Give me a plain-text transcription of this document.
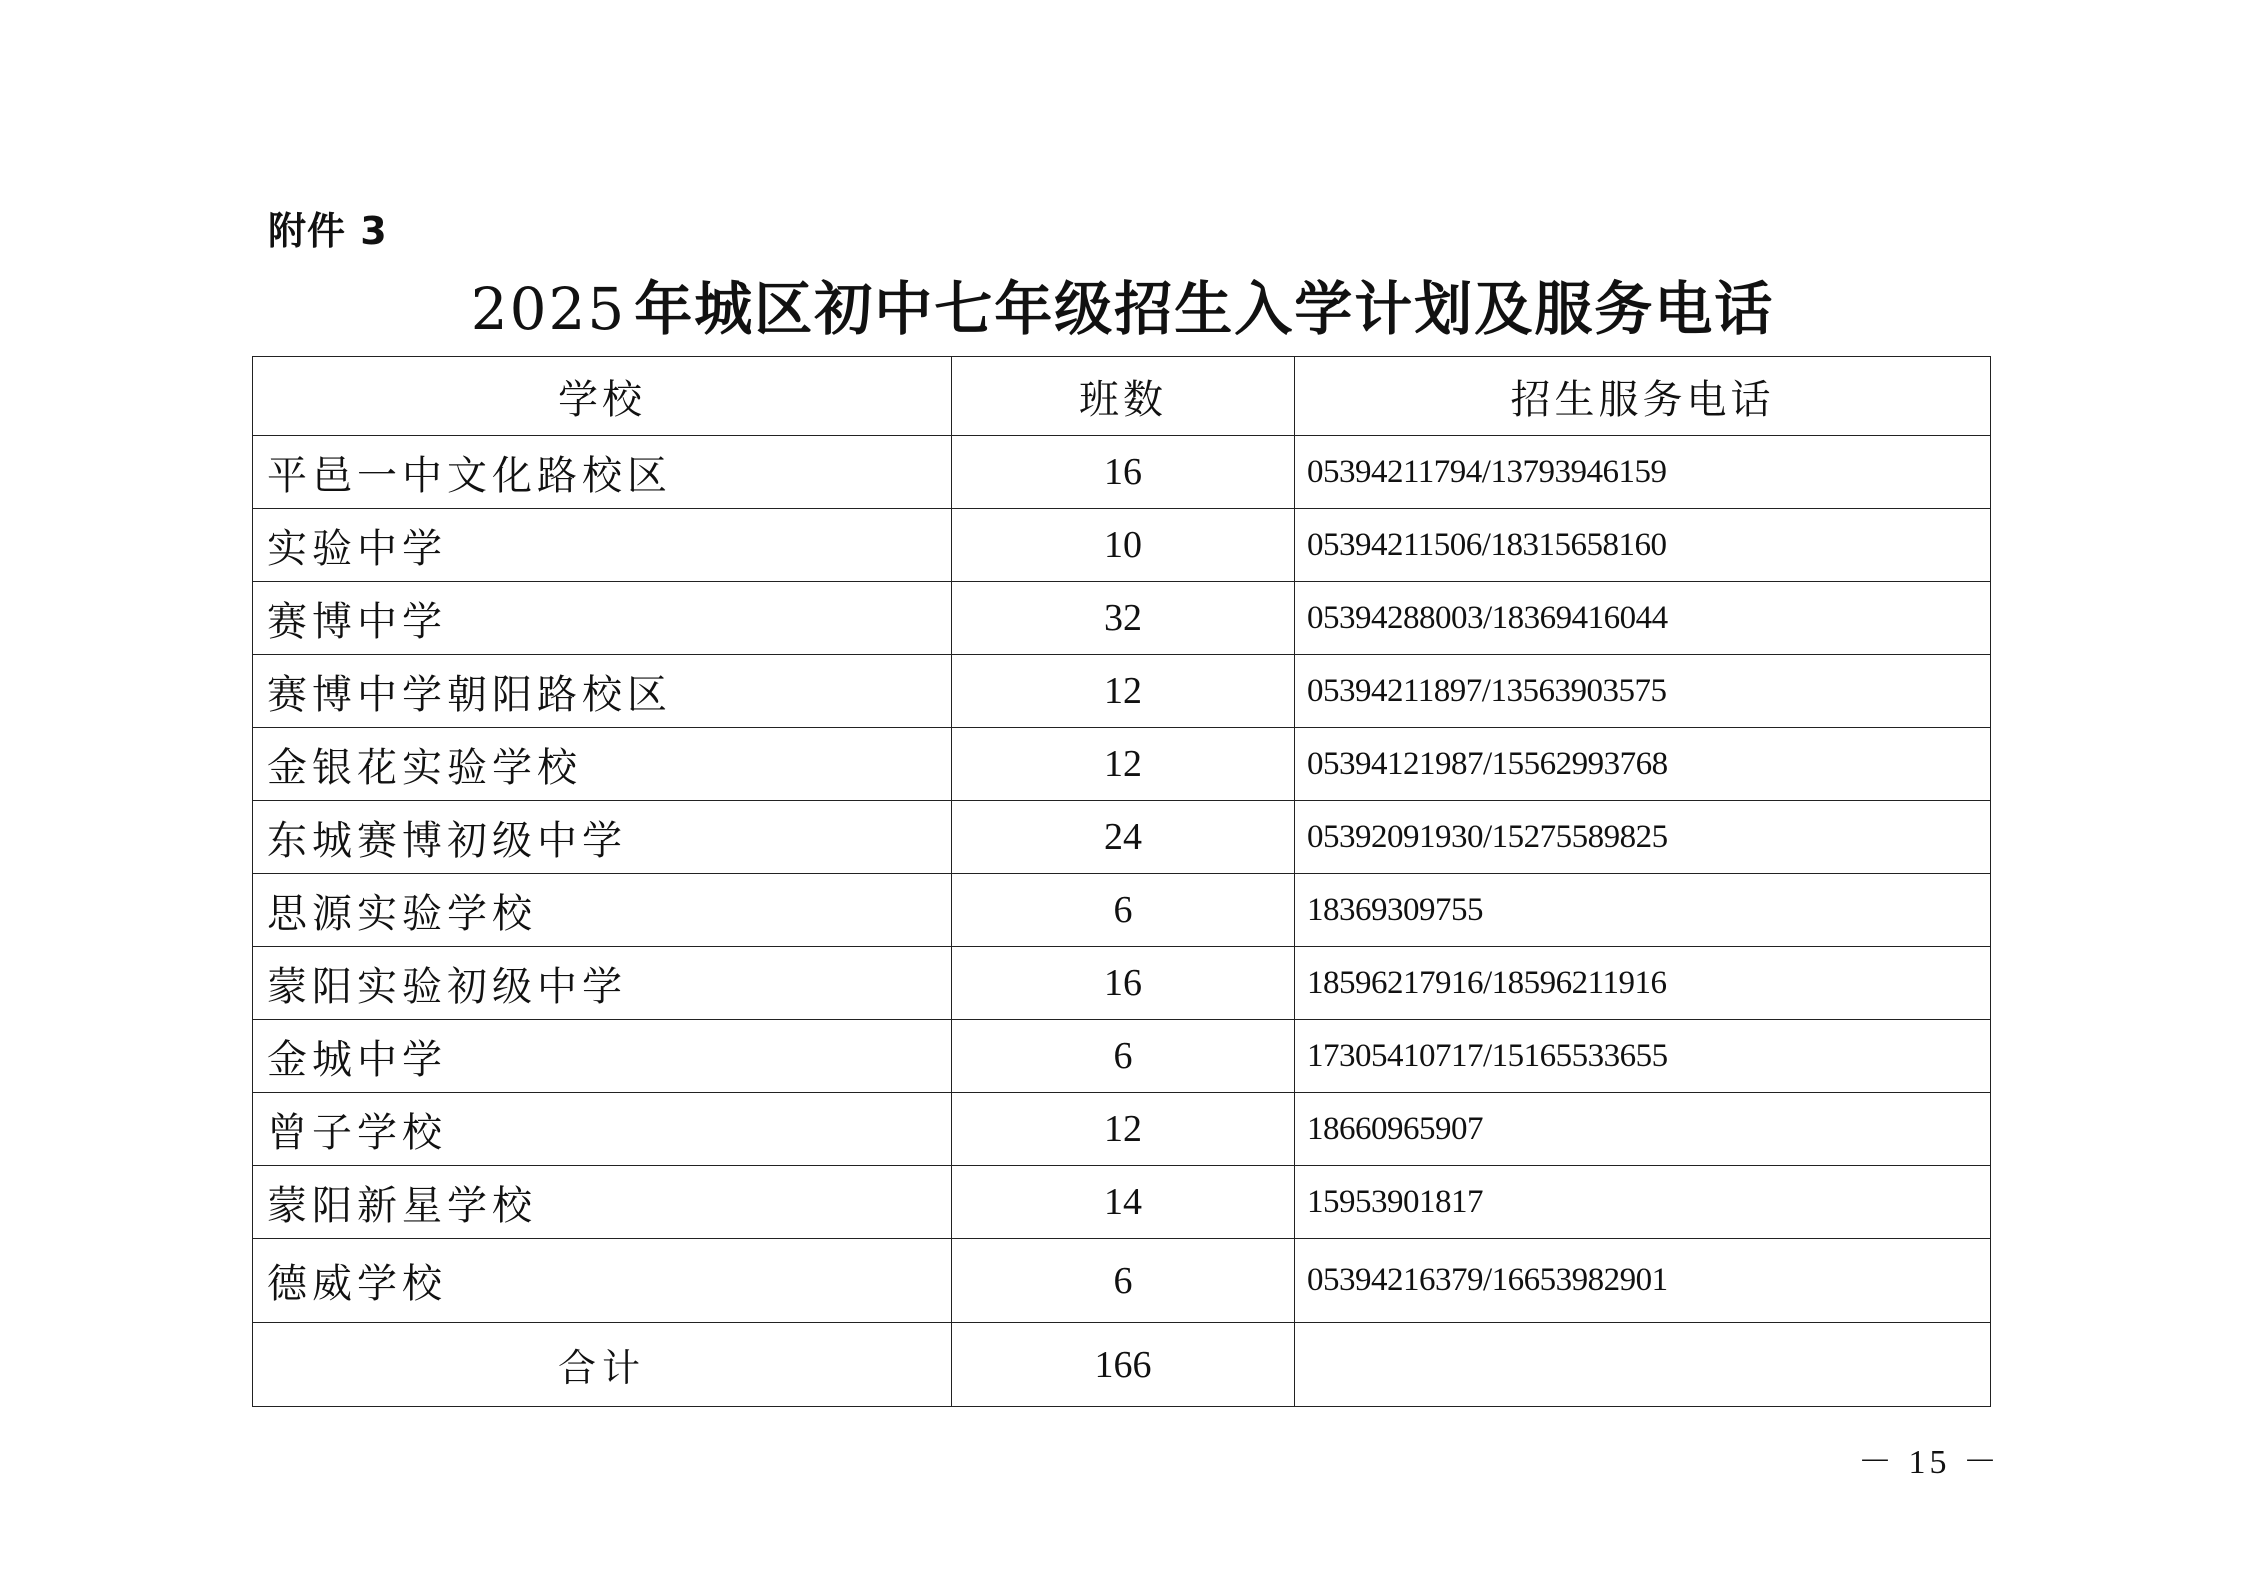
附件 3
2025 年城区初中七年级招生入学计划及服务电话
学校	班数	招生服务电话
平邑一中文化路校区	16	05394211794/13793946159
实验中学	10	05394211506/18315658160
赛博中学	32	05394288003/18369416044
赛博中学朝阳路校区	12	05394211897/13563903575
金银花实验学校	12	05394121987/15562993768
东城赛博初级中学	24	05392091930/15275589825
思源实验学校	6	18369309755
蒙阳实验初级中学	16	18596217916/18596211916
金城中学	6	17305410717/15165533655
曾子学校	12	18660965907
蒙阳新星学校	14	15953901817
德威学校	6	05394216379/16653982901
合计	166	
－ 15 －
